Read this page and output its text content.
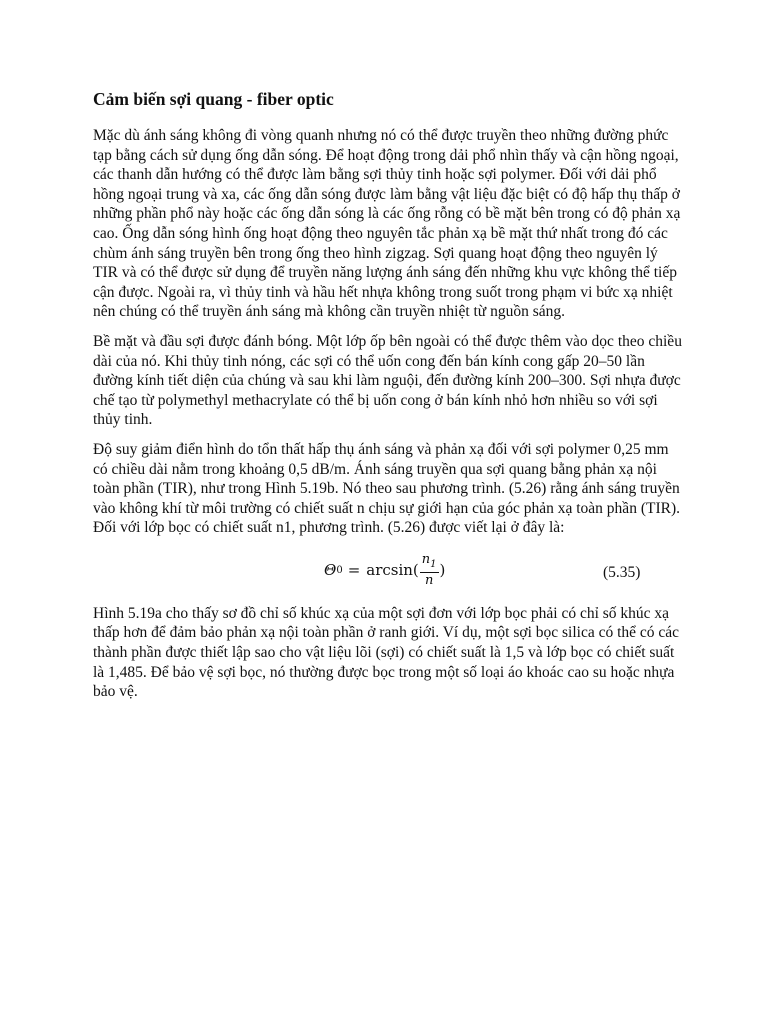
Cảm biến sợi quang - fiber optic

Mặc dù ánh sáng không đi vòng quanh nhưng nó có thể được truyền theo những đường phức tạp bằng cách sử dụng ống dẫn sóng. Để hoạt động trong dải phổ nhìn thấy và cận hồng ngoại, các thanh dẫn hướng có thể được làm bằng sợi thủy tinh hoặc sợi polymer. Đối với dải phổ hồng ngoại trung và xa, các ống dẫn sóng được làm bằng vật liệu đặc biệt có độ hấp thụ thấp ở những phần phổ này hoặc các ống dẫn sóng là các ống rỗng có bề mặt bên trong có độ phản xạ cao. Ống dẫn sóng hình ống hoạt động theo nguyên tắc phản xạ bề mặt thứ nhất trong đó các chùm ánh sáng truyền bên trong ống theo hình zigzag. Sợi quang hoạt động theo nguyên lý TIR và có thể được sử dụng để truyền năng lượng ánh sáng đến những khu vực không thể tiếp cận được. Ngoài ra, vì thủy tinh và hầu hết nhựa không trong suốt trong phạm vi bức xạ nhiệt nên chúng có thể truyền ánh sáng mà không cần truyền nhiệt từ nguồn sáng.

Bề mặt và đầu sợi được đánh bóng. Một lớp ốp bên ngoài có thể được thêm vào dọc theo chiều dài của nó. Khi thủy tinh nóng, các sợi có thể uốn cong đến bán kính cong gấp 20–50 lần đường kính tiết diện của chúng và sau khi làm nguội, đến đường kính 200–300. Sợi nhựa được chế tạo từ polymethyl methacrylate có thể bị uốn cong ở bán kính nhỏ hơn nhiều so với sợi thủy tinh.

Độ suy giảm điển hình do tổn thất hấp thụ ánh sáng và phản xạ đối với sợi polymer 0,25 mm có chiều dài nằm trong khoảng 0,5 dB/m. Ánh sáng truyền qua sợi quang bằng phản xạ nội toàn phần (TIR), như trong Hình 5.19b. Nó theo sau phương trình. (5.26) rằng ánh sáng truyền vào không khí từ môi trường có chiết suất n chịu sự giới hạn của góc phản xạ toàn phần (TIR). Đối với lớp bọc có chiết suất n1, phương trình. (5.26) được viết lại ở đây là:

Θ $0 = \arcsin( \frac{n_1}{n}$ )	(5.35)

Hình 5.19a cho thấy sơ đồ chỉ số khúc xạ của một sợi đơn với lớp bọc phải có chỉ số khúc xạ thấp hơn để đảm bảo phản xạ nội toàn phần ở ranh giới. Ví dụ, một sợi bọc silica có thể có các thành phần được thiết lập sao cho vật liệu lõi (sợi) có chiết suất là 1,5 và lớp bọc có chiết suất là 1,485. Để bảo vệ sợi bọc, nó thường được bọc trong một số loại áo khoác cao su hoặc nhựa bảo vệ.
